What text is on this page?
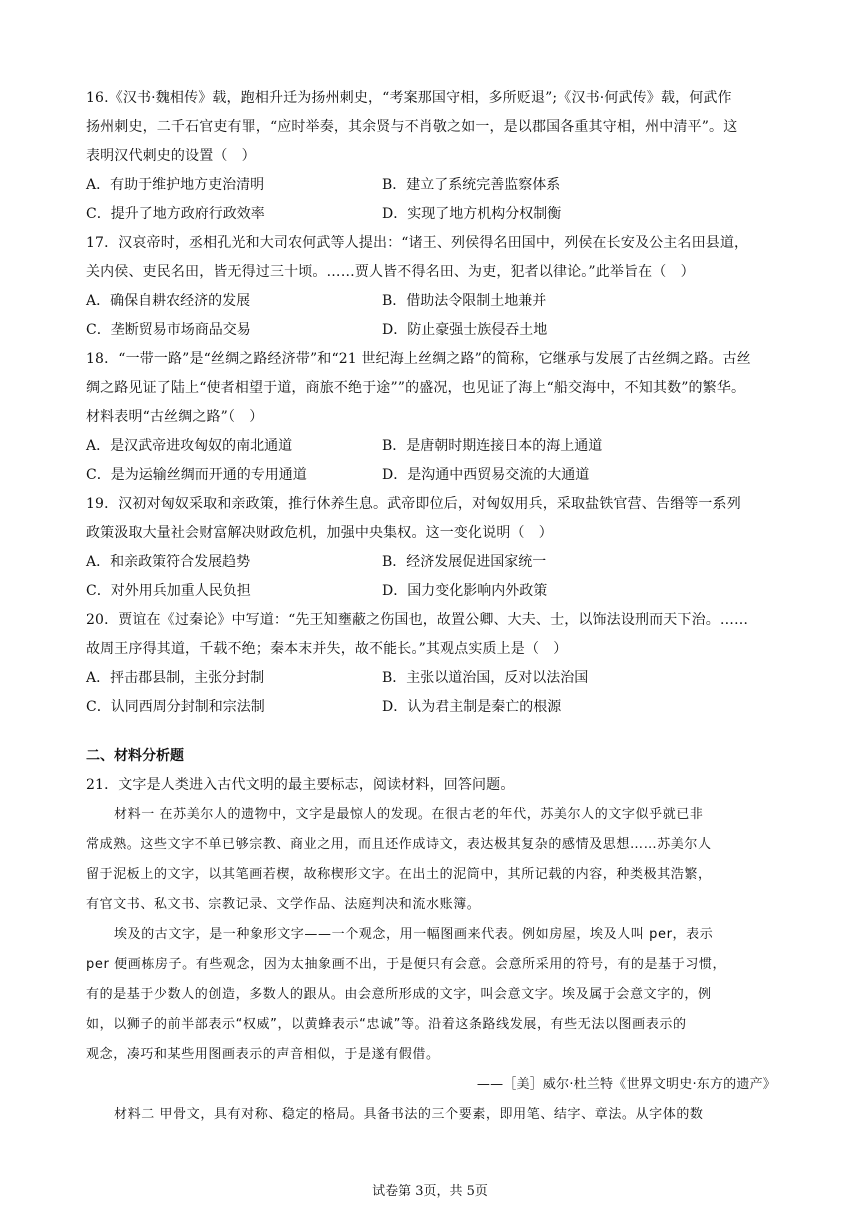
16.《汉书·魏相传》载，跑相升迁为扬州刺史，“考案那国守相，多所贬退”;《汉书·何武传》载，何武作
扬州刺史，二千石官吏有罪，“应时举奏，其余贤与不肖敬之如一，是以郡国各重其守相，州中清平”。这
表明汉代刺史的设置（　）
A．有助于维护地方吏治清明	B．建立了系统完善监察体系
C．提升了地方政府行政效率	D．实现了地方机构分权制衡
17．汉哀帝时，丞相孔光和大司农何武等人提出：“诸王、列侯得名田国中，列侯在长安及公主名田县道，
关内侯、吏民名田，皆无得过三十顷。……贾人皆不得名田、为吏，犯者以律论。”此举旨在（　）
A．确保自耕农经济的发展	B．借助法令限制土地兼并
C．垄断贸易市场商品交易	D．防止豪强士族侵吞土地
18．“一带一路”是“丝绸之路经济带”和“21 世纪海上丝绸之路”的简称，它继承与发展了古丝绸之路。古丝
绸之路见证了陆上“使者相望于道，商旅不绝于途””的盛况，也见证了海上“船交海中，不知其数”的繁华。
材料表明“古丝绸之路”（　）
A．是汉武帝进攻匈奴的南北通道	B．是唐朝时期连接日本的海上通道
C．是为运输丝绸而开通的专用通道	D．是沟通中西贸易交流的大通道
19．汉初对匈奴采取和亲政策，推行休养生息。武帝即位后，对匈奴用兵，采取盐铁官营、告缗等一系列
政策汲取大量社会财富解决财政危机，加强中央集权。这一变化说明（　）
A．和亲政策符合发展趋势	B．经济发展促进国家统一
C．对外用兵加重人民负担	D．国力变化影响内外政策
20．贾谊在《过秦论》中写道：“先王知壅蔽之伤国也，故置公卿、大夫、士，以饰法设刑而天下治。……
故周王序得其道，千载不绝；秦本末并失，故不能长。”其观点实质上是（　）
A．抨击郡县制，主张分封制	B．主张以道治国，反对以法治国
C．认同西周分封制和宗法制	D．认为君主制是秦亡的根源
二、材料分析题
21．文字是人类进入古代文明的最主要标志，阅读材料，回答问题。
材料一 在苏美尔人的遗物中，文字是最惊人的发现。在很古老的年代，苏美尔人的文字似乎就已非
常成熟。这些文字不单已够宗教、商业之用，而且还作成诗文，表达极其复杂的感情及思想……苏美尔人
留于泥板上的文字，以其笔画若楔，故称楔形文字。在出土的泥筒中，其所记载的内容，种类极其浩繁，
有官文书、私文书、宗教记录、文学作品、法庭判决和流水账簿。
埃及的古文字，是一种象形文字——一个观念，用一幅图画来代表。例如房屋，埃及人叫 per，表示
per 便画栋房子。有些观念，因为太抽象画不出，于是便只有会意。会意所采用的符号，有的是基于习惯，
有的是基于少数人的创造，多数人的跟从。由会意所形成的文字，叫会意文字。埃及属于会意文字的，例
如，以狮子的前半部表示“权威”，以黄蜂表示“忠诚”等。沿着这条路线发展，有些无法以图画表示的
观念，凑巧和某些用图画表示的声音相似，于是遂有假借。
——［美］威尔·杜兰特《世界文明史·东方的遗产》
材料二 甲骨文，具有对称、稳定的格局。具备书法的三个要素，即用笔、结字、章法。从字体的数
试卷第 3页，共 5页
